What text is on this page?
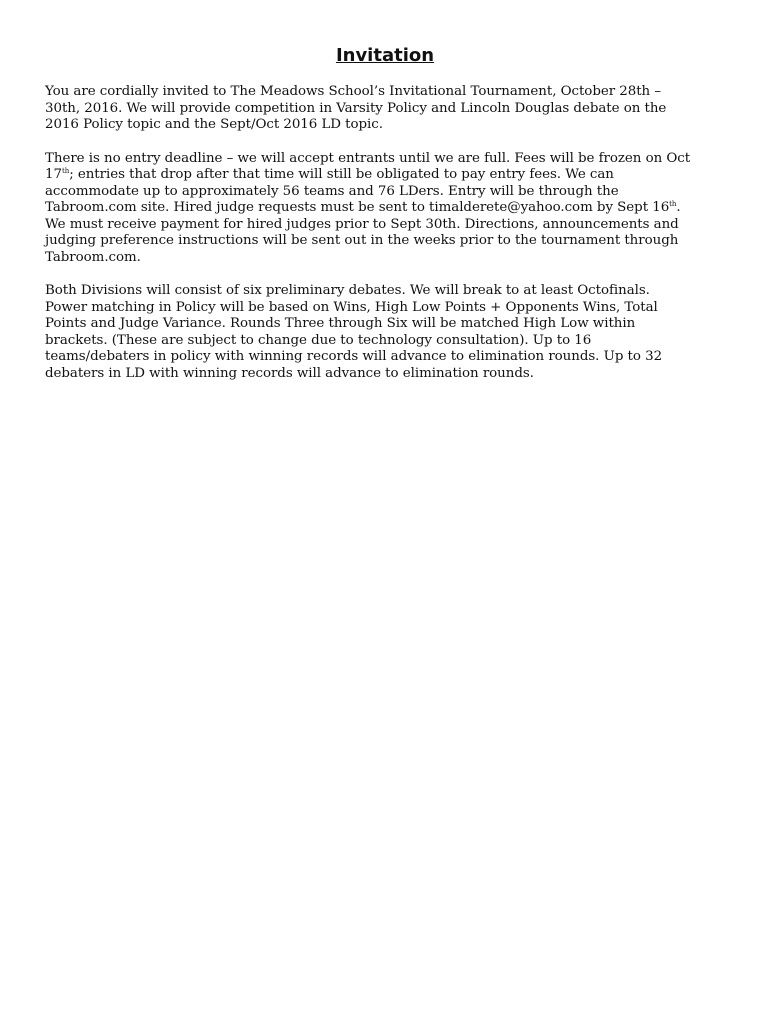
Invitation

You are cordially invited to The Meadows School’s Invitational Tournament, October 28th –
30th, 2016. We will provide competition in Varsity Policy and Lincoln Douglas debate on the
2016 Policy topic and the Sept/Oct 2016 LD topic.

There is no entry deadline – we will accept entrants until we are full. Fees will be frozen on Oct
17th; entries that drop after that time will still be obligated to pay entry fees. We can
accommodate up to approximately 56 teams and 76 LDers. Entry will be through the
Tabroom.com site. Hired judge requests must be sent to timalderete@yahoo.com by Sept 16th.
We must receive payment for hired judges prior to Sept 30th. Directions, announcements and
judging preference instructions will be sent out in the weeks prior to the tournament through
Tabroom.com.

Both Divisions will consist of six preliminary debates. We will break to at least Octofinals.
Power matching in Policy will be based on Wins, High Low Points + Opponents Wins, Total
Points and Judge Variance. Rounds Three through Six will be matched High Low within
brackets. (These are subject to change due to technology consultation). Up to 16
teams/debaters in policy with winning records will advance to elimination rounds. Up to 32
debaters in LD with winning records will advance to elimination rounds.
